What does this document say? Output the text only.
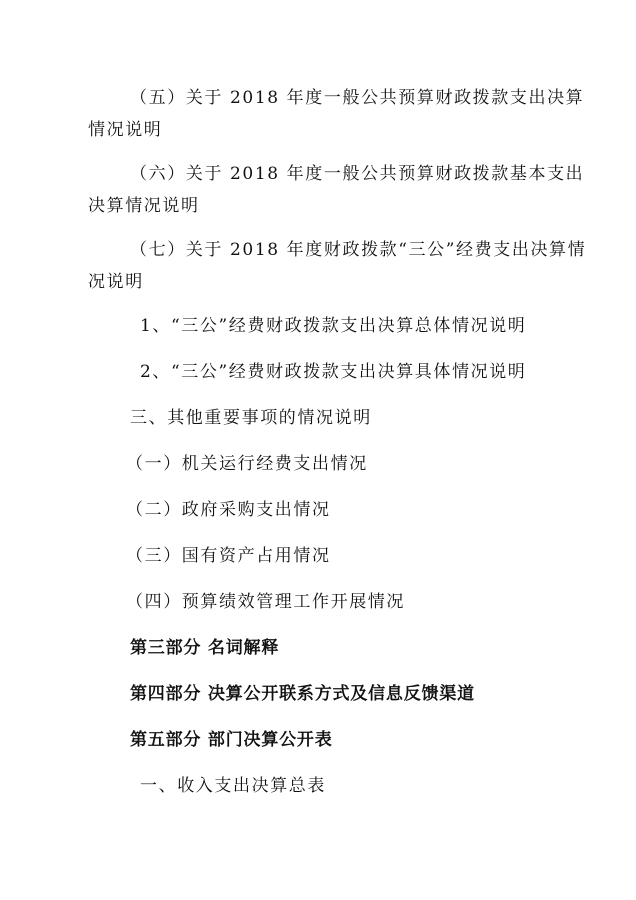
（五）关于 2018 年度一般公共预算财政拨款支出决算
情况说明
（六）关于 2018 年度一般公共预算财政拨款基本支出
决算情况说明
（七）关于 2018 年度财政拨款“三公”经费支出决算情
况说明
1、“三公”经费财政拨款支出决算总体情况说明
2、“三公”经费财政拨款支出决算具体情况说明
三、其他重要事项的情况说明
（一）机关运行经费支出情况
（二）政府采购支出情况
（三）国有资产占用情况
（四）预算绩效管理工作开展情况
第三部分 名词解释
第四部分 决算公开联系方式及信息反馈渠道
第五部分 部门决算公开表
一、收入支出决算总表
